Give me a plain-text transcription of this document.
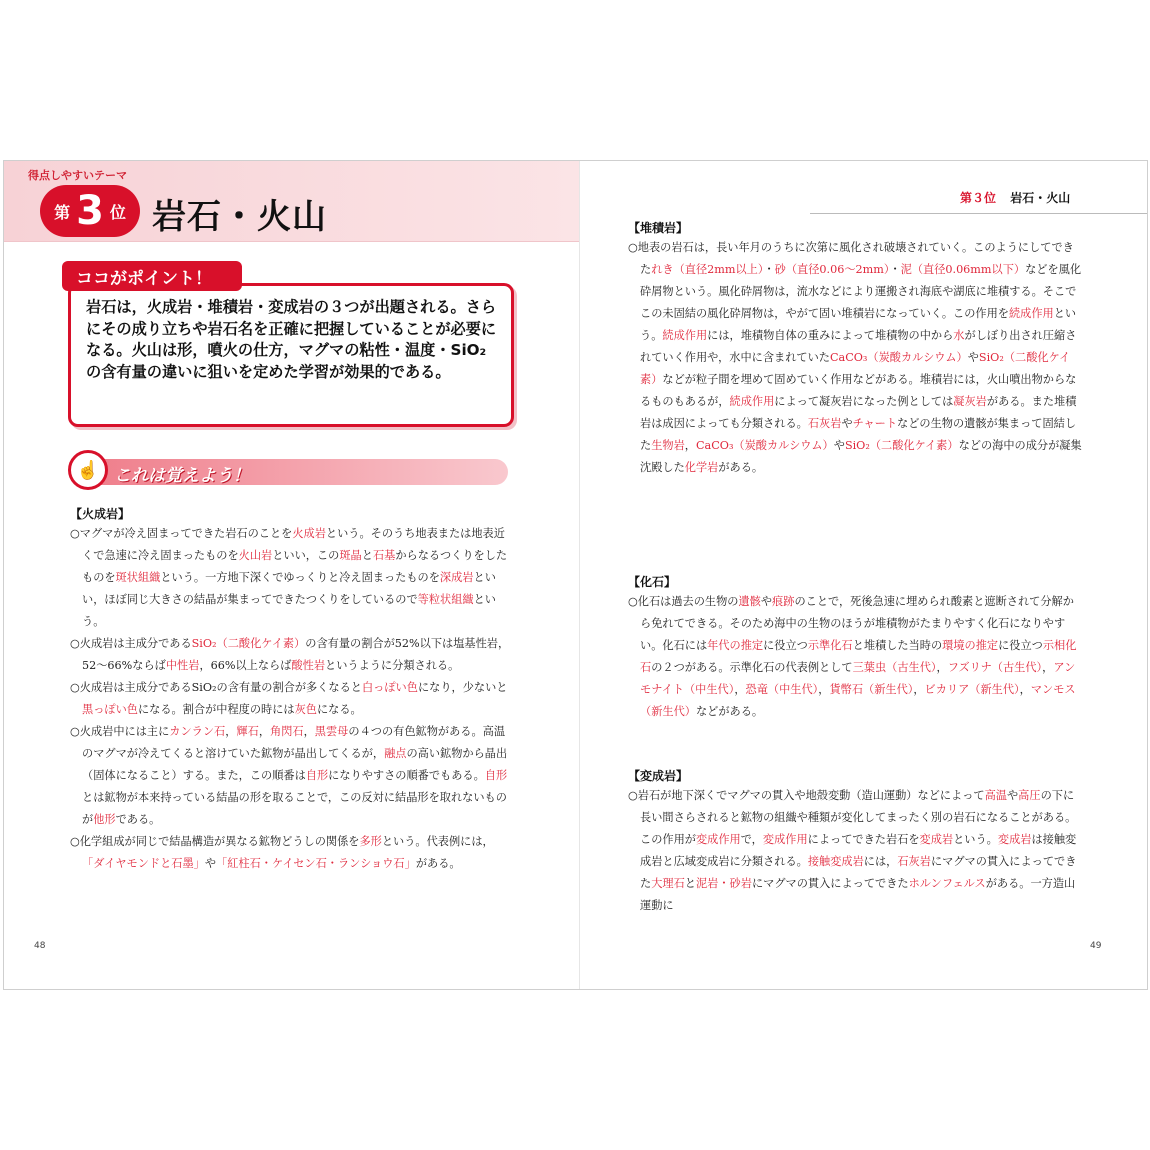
得点しやすいテーマ
第 3 位 岩石・火山
ココがポイント！
岩石は，火成岩・堆積岩・変成岩の３つが出題される。さらにその成り立ちや岩石名を正確に把握していることが必要になる。火山は形，噴火の仕方，マグマの粘性・温度・SiO₂の含有量の違いに狙いを定めた学習が効果的である。
☝ これは覚えよう！
【火成岩】

○マグマが冷え固まってできた岩石のことを火成岩という。そのうち地表または地表近くで急速に冷え固まったものを火山岩といい，この斑晶と石基からなるつくりをしたものを斑状組織という。一方地下深くでゆっくりと冷え固まったものを深成岩といい，ほぼ同じ大きさの結晶が集まってできたつくりをしているので等粒状組織という。

○火成岩は主成分であるSiO₂（二酸化ケイ素）の含有量の割合が52%以下は塩基性岩，52～66%ならば中性岩，66%以上ならば酸性岩というように分類される。

○火成岩は主成分であるSiO₂の含有量の割合が多くなると白っぽい色になり，少ないと黒っぽい色になる。割合が中程度の時には灰色になる。

○火成岩中には主にカンラン石，輝石，角閃石，黒雲母の４つの有色鉱物がある。高温のマグマが冷えてくると溶けていた鉱物が晶出してくるが，融点の高い鉱物から晶出（固体になること）する。また，この順番は自形になりやすさの順番でもある。自形とは鉱物が本来持っている結晶の形を取ることで，この反対に結晶形を取れないものが他形である。

○化学組成が同じで結晶構造が異なる鉱物どうしの関係を多形という。代表例には，「ダイヤモンドと石墨」や「紅柱石・ケイセン石・ランショウ石」がある。

48
第３位 岩石・火山
【堆積岩】

○地表の岩石は，長い年月のうちに次第に風化され破壊されていく。このようにしてできたれき（直径2mm以上）・砂（直径0.06～2mm）・泥（直径0.06mm以下）などを風化砕屑物という。風化砕屑物は，流水などにより運搬され海底や湖底に堆積する。そこでこの未固結の風化砕屑物は，やがて固い堆積岩になっていく。この作用を続成作用という。続成作用には，堆積物自体の重みによって堆積物の中から水がしぼり出され圧縮されていく作用や，水中に含まれていたCaCO₃（炭酸カルシウム）やSiO₂（二酸化ケイ素）などが粒子間を埋めて固めていく作用などがある。堆積岩には，火山噴出物からなるものもあるが，続成作用によって凝灰岩になった例としては凝灰岩がある。また堆積岩は成因によっても分類される。石灰岩やチャートなどの生物の遺骸が集まって固結した生物岩，CaCO₃（炭酸カルシウム）やSiO₂（二酸化ケイ素）などの海中の成分が凝集沈殿した化学岩がある。

【化石】

○化石は過去の生物の遺骸や痕跡のことで，死後急速に埋められ酸素と遮断されて分解から免れてできる。そのため海中の生物のほうが堆積物がたまりやすく化石になりやすい。化石には年代の推定に役立つ示準化石と堆積した当時の環境の推定に役立つ示相化石の２つがある。示準化石の代表例として三葉虫（古生代），フズリナ（古生代），アンモナイト（中生代），恐竜（中生代），貨幣石（新生代），ビカリア（新生代），マンモス（新生代）などがある。

【変成岩】

○岩石が地下深くでマグマの貫入や地殻変動（造山運動）などによって高温や高圧の下に長い間さらされると鉱物の組織や種類が変化してまったく別の岩石になることがある。この作用が変成作用で，変成作用によってできた岩石を変成岩という。変成岩は接触変成岩と広域変成岩に分類される。接触変成岩には，石灰岩にマグマの貫入によってできた大理石と泥岩・砂岩にマグマの貫入によってできたホルンフェルスがある。一方造山運動に

49
